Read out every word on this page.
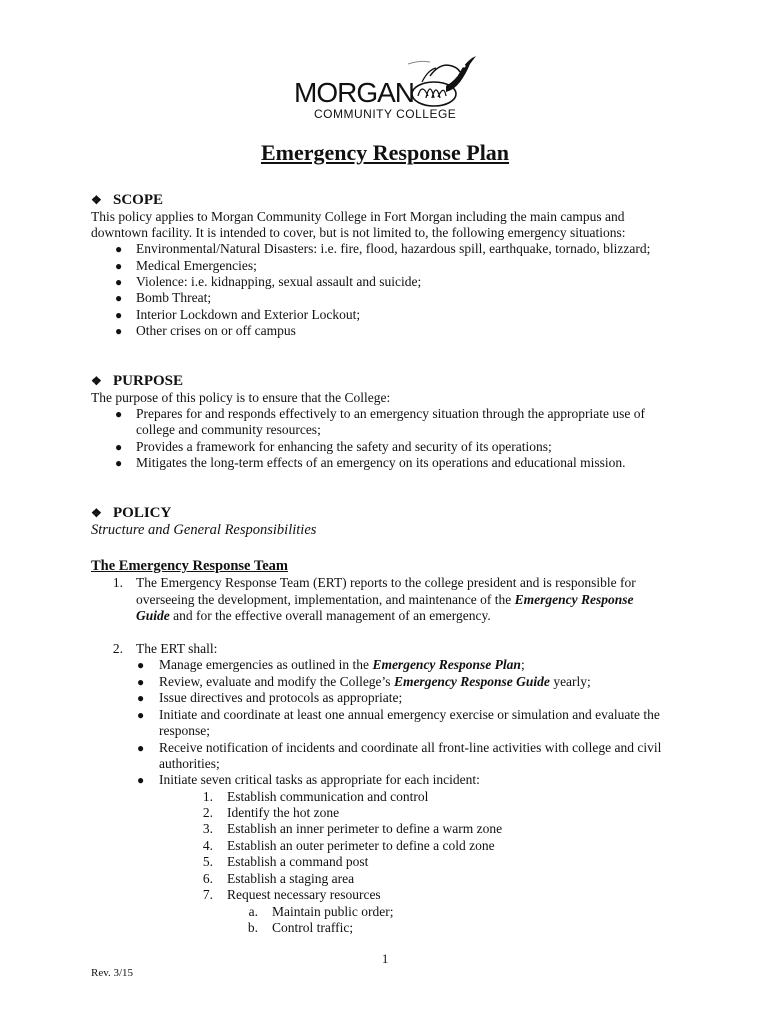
MORGAN
COMMUNITY COLLEGE
Emergency Response Plan
❖ SCOPE
This policy applies to Morgan Community College in Fort Morgan including the main campus and
downtown facility. It is intended to cover, but is not limited to, the following emergency situations:
● Environmental/Natural Disasters: i.e. fire, flood, hazardous spill, earthquake, tornado, blizzard;
● Medical Emergencies;
● Violence: i.e. kidnapping, sexual assault and suicide;
● Bomb Threat;
● Interior Lockdown and Exterior Lockout;
● Other crises on or off campus
❖ PURPOSE
The purpose of this policy is to ensure that the College:
● Prepares for and responds effectively to an emergency situation through the appropriate use of
college and community resources;
● Provides a framework for enhancing the safety and security of its operations;
● Mitigates the long-term effects of an emergency on its operations and educational mission.
❖ POLICY
Structure and General Responsibilities
The Emergency Response Team
1. The Emergency Response Team (ERT) reports to the college president and is responsible for
overseeing the development, implementation, and maintenance of the Emergency Response
Guide and for the effective overall management of an emergency.
2. The ERT shall:
● Manage emergencies as outlined in the Emergency Response Plan;
● Review, evaluate and modify the College’s Emergency Response Guide yearly;
● Issue directives and protocols as appropriate;
● Initiate and coordinate at least one annual emergency exercise or simulation and evaluate the
response;
● Receive notification of incidents and coordinate all front-line activities with college and civil
authorities;
● Initiate seven critical tasks as appropriate for each incident:
1. Establish communication and control
2. Identify the hot zone
3. Establish an inner perimeter to define a warm zone
4. Establish an outer perimeter to define a cold zone
5. Establish a command post
6. Establish a staging area
7. Request necessary resources
a. Maintain public order;
b. Control traffic;
1
Rev. 3/15
